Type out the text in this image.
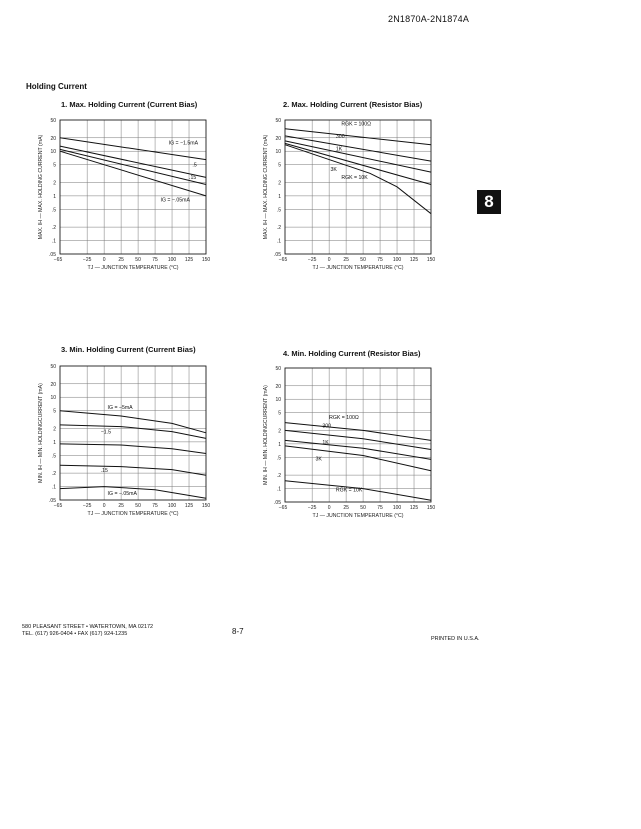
2N1870A-2N1874A
Holding Current
8
1. Max. Holding Current (Current Bias)	2. Max. Holding Current (Resistor Bias)
3. Min. Holding Current (Current Bias)	4. Min. Holding Current (Resistor Bias)
50
20
10
5
2
1
.5
.2
.1
.05
−65	−25 0	25 50 75 100 125 150
TJ — JUNCTION TEMPERATURE (°C)
MAX. IH — MAX. HOLDING CURRENT (mA)	IG = −1.5mA
.5
.15
IG = −.05mA
50
20
10
5
2
1
.5
.2
.1
.05
−65	−25 0	25 50 75 100 125 150
TJ — JUNCTION TEMPERATURE (°C)
MAX. IH — MAX. HOLDING CURRENT (mA)
RGK = 100Ω
300
1K
3K
RGK = 10K
50
20
10
5
2
1
.5
.2
.1
.05
−65	−25 0	25 50 75 100 125 150
TJ — JUNCTION TEMPERATURE (°C)
MIN. IH — MIN. HOLDINGCURRENT (mA)	IG = −5mA
−1.5
.15
IG = −.05mA
50
20
10
5
2
1
.5
.2
.1
.05
−65	−25 0	25 50 75 100 125 150
TJ — JUNCTION TEMPERATURE (°C)
MIN. IH — MIN. HOLDINGCURRENT (mA)	RGK = 100Ω
300
1K
3K
RGK = 10K
580 PLEASANT STREET • WATERTOWN, MA 02172
TEL. (617) 926-0404 • FAX (617) 924-1235	8-7
PRINTED IN U.S.A.
